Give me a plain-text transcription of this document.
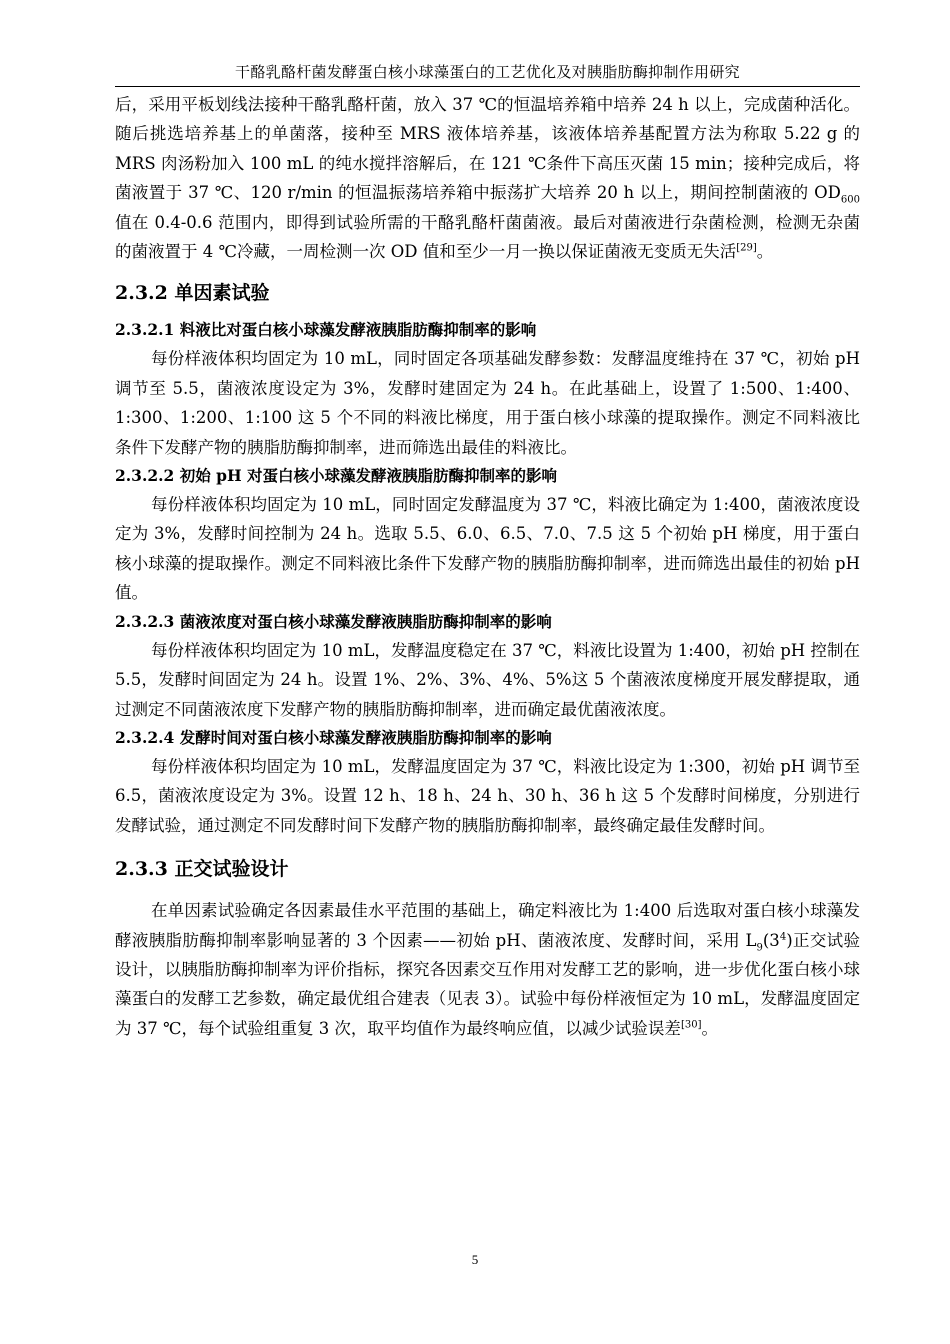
干酪乳酪杆菌发酵蛋白核小球藻蛋白的工艺优化及对胰脂肪酶抑制作用研究

后，采用平板划线法接种干酪乳酪杆菌，放入 37 ℃的恒温培养箱中培养 24 h 以上，完成菌种活化。随后挑选培养基上的单菌落，接种至 MRS 液体培养基，该液体培养基配置方法为称取 5.22 g 的 MRS 肉汤粉加入 100 mL 的纯水搅拌溶解后，在 121 ℃条件下高压灭菌 15 min；接种完成后，将菌液置于 37 ℃、120 r/min 的恒温振荡培养箱中振荡扩大培养 20 h 以上，期间控制菌液的 $OD_{600}$ 值在 0.4-0.6 范围内，即得到试验所需的干酪乳酪杆菌菌液。最后对菌液进行杂菌检测，检测无杂菌的菌液置于 4 ℃冷藏，一周检测一次 OD 值和至少一月一换以保证菌液无变质无失活[29]。

2.3.2 单因素试验
2.3.2.1 料液比对蛋白核小球藻发酵液胰脂肪酶抑制率的影响

每份样液体积均固定为 10 mL，同时固定各项基础发酵参数：发酵温度维持在 37 ℃，初始 pH 调节至 5.5，菌液浓度设定为 3%，发酵时建固定为 24 h。在此基础上，设置了 1:500、1:400、1:300、1:200、1:100 这 5 个不同的料液比梯度，用于蛋白核小球藻的提取操作。测定不同料液比条件下发酵产物的胰脂肪酶抑制率，进而筛选出最佳的料液比。

2.3.2.2 初始 pH 对蛋白核小球藻发酵液胰脂肪酶抑制率的影响

每份样液体积均固定为 10 mL，同时固定发酵温度为 37 ℃，料液比确定为 1:400，菌液浓度设定为 3%，发酵时间控制为 24 h。选取 5.5、6.0、6.5、7.0、7.5 这 5 个初始 pH 梯度，用于蛋白核小球藻的提取操作。测定不同料液比条件下发酵产物的胰脂肪酶抑制率，进而筛选出最佳的初始 pH 值。

2.3.2.3 菌液浓度对蛋白核小球藻发酵液胰脂肪酶抑制率的影响

每份样液体积均固定为 10 mL，发酵温度稳定在 37 ℃，料液比设置为 1:400，初始 pH 控制在 5.5，发酵时间固定为 24 h。设置 1%、2%、3%、4%、5%这 5 个菌液浓度梯度开展发酵提取，通过测定不同菌液浓度下发酵产物的胰脂肪酶抑制率，进而确定最优菌液浓度。

2.3.2.4 发酵时间对蛋白核小球藻发酵液胰脂肪酶抑制率的影响

每份样液体积均固定为 10 mL，发酵温度固定为 37 ℃，料液比设定为 1:300，初始 pH 调节至 6.5，菌液浓度设定为 3%。设置 12 h、18 h、24 h、30 h、36 h 这 5 个发酵时间梯度，分别进行发酵试验，通过测定不同发酵时间下发酵产物的胰脂肪酶抑制率，最终确定最佳发酵时间。

2.3.3 正交试验设计

在单因素试验确定各因素最佳水平范围的基础上，确定料液比为 1:400 后选取对蛋白核小球藻发酵液胰脂肪酶抑制率影响显著的 3 个因素——初始 pH、菌液浓度、发酵时间，采用 $L_9(3^4)$正交试验设计，以胰脂肪酶抑制率为评价指标，探究各因素交互作用对发酵工艺的影响，进一步优化蛋白核小球藻蛋白的发酵工艺参数，确定最优组合建表（见表 3）。试验中每份样液恒定为 10 mL，发酵温度固定为 37 ℃，每个试验组重复 3 次，取平均值作为最终响应值，以减少试验误差[30]。

5
